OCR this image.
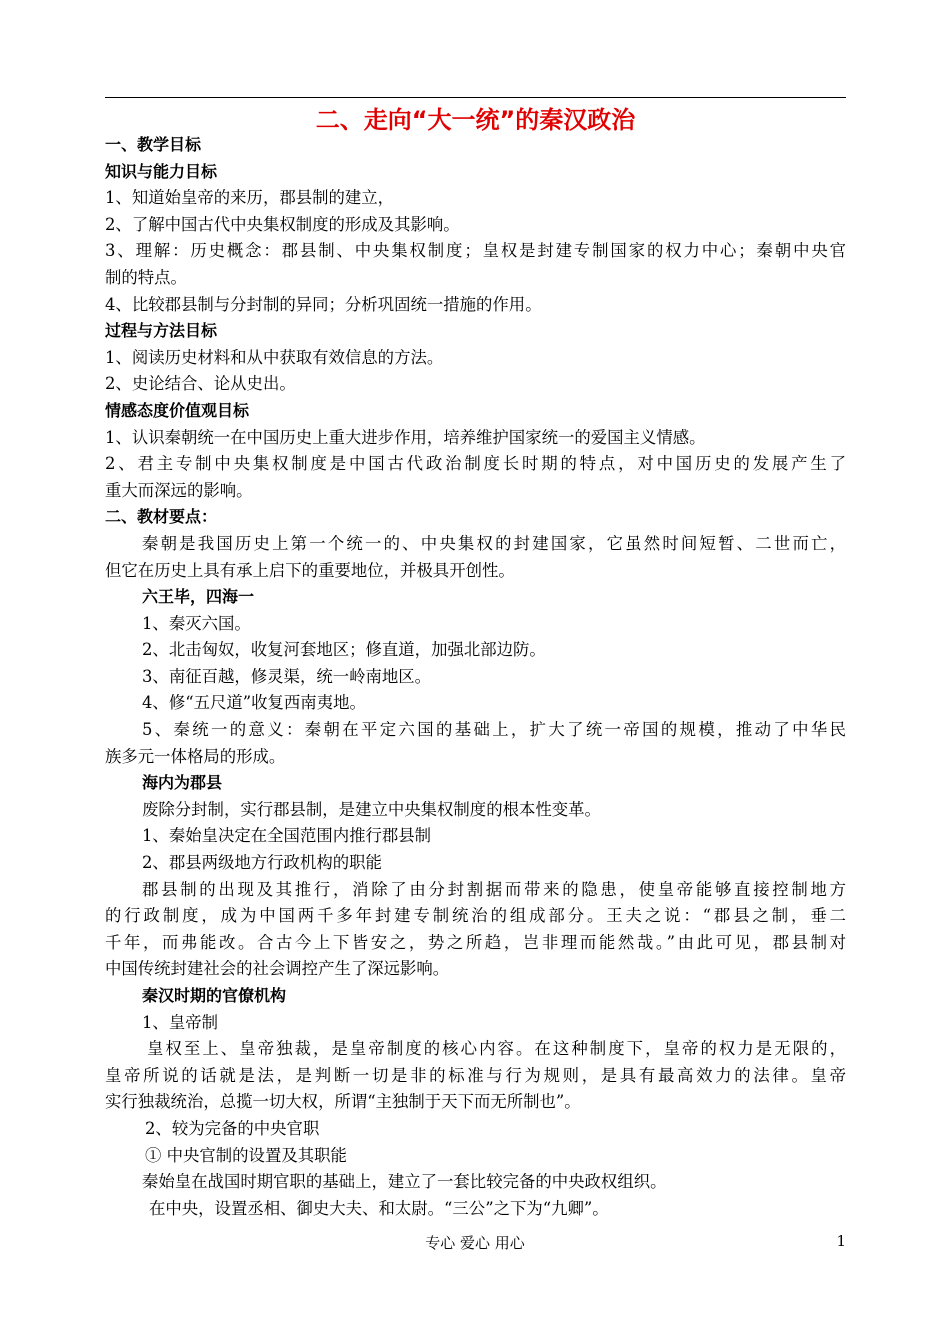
二、走向“大一统”的秦汉政治
一、教学目标
知识与能力目标
1、知道始皇帝的来历，郡县制的建立，
2、了解中国古代中央集权制度的形成及其影响。
3、理解：历史概念：郡县制、中央集权制度；皇权是封建专制国家的权力中心；秦朝中央官
制的特点。
4、比较郡县制与分封制的异同；分析巩固统一措施的作用。
过程与方法目标
1、阅读历史材料和从中获取有效信息的方法。
2、史论结合、论从史出。
情感态度价值观目标
1、认识秦朝统一在中国历史上重大进步作用，培养维护国家统一的爱国主义情感。
2、君主专制中央集权制度是中国古代政治制度长时期的特点，对中国历史的发展产生了
重大而深远的影响。
二、教材要点：
秦朝是我国历史上第一个统一的、中央集权的封建国家，它虽然时间短暂、二世而亡，
但它在历史上具有承上启下的重要地位，并极具开创性。
六王毕，四海一
1、秦灭六国。
2、北击匈奴，收复河套地区；修直道，加强北部边防。
3、南征百越，修灵渠，统一岭南地区。
4、修“五尺道”收复西南夷地。
5、秦统一的意义：秦朝在平定六国的基础上，扩大了统一帝国的规模，推动了中华民
族多元一体格局的形成。
海内为郡县
废除分封制，实行郡县制，是建立中央集权制度的根本性变革。
1、秦始皇决定在全国范围内推行郡县制
2、郡县两级地方行政机构的职能
郡县制的出现及其推行，消除了由分封割据而带来的隐患，使皇帝能够直接控制地方
的行政制度，成为中国两千多年封建专制统治的组成部分。王夫之说：“郡县之制，垂二
千年，而弗能改。合古今上下皆安之，势之所趋，岂非理而能然哉。”由此可见，郡县制对
中国传统封建社会的社会调控产生了深远影响。
秦汉时期的官僚机构
1、皇帝制
皇权至上、皇帝独裁，是皇帝制度的核心内容。在这种制度下，皇帝的权力是无限的，
皇帝所说的话就是法，是判断一切是非的标准与行为规则，是具有最高效力的法律。皇帝
实行独裁统治，总揽一切大权，所谓“主独制于天下而无所制也”。
2、较为完备的中央官职
① 中央官制的设置及其职能
秦始皇在战国时期官职的基础上，建立了一套比较完备的中央政权组织。
在中央，设置丞相、御史大夫、和太尉。“三公”之下为“九卿”。
专心 爱心 用心	1
